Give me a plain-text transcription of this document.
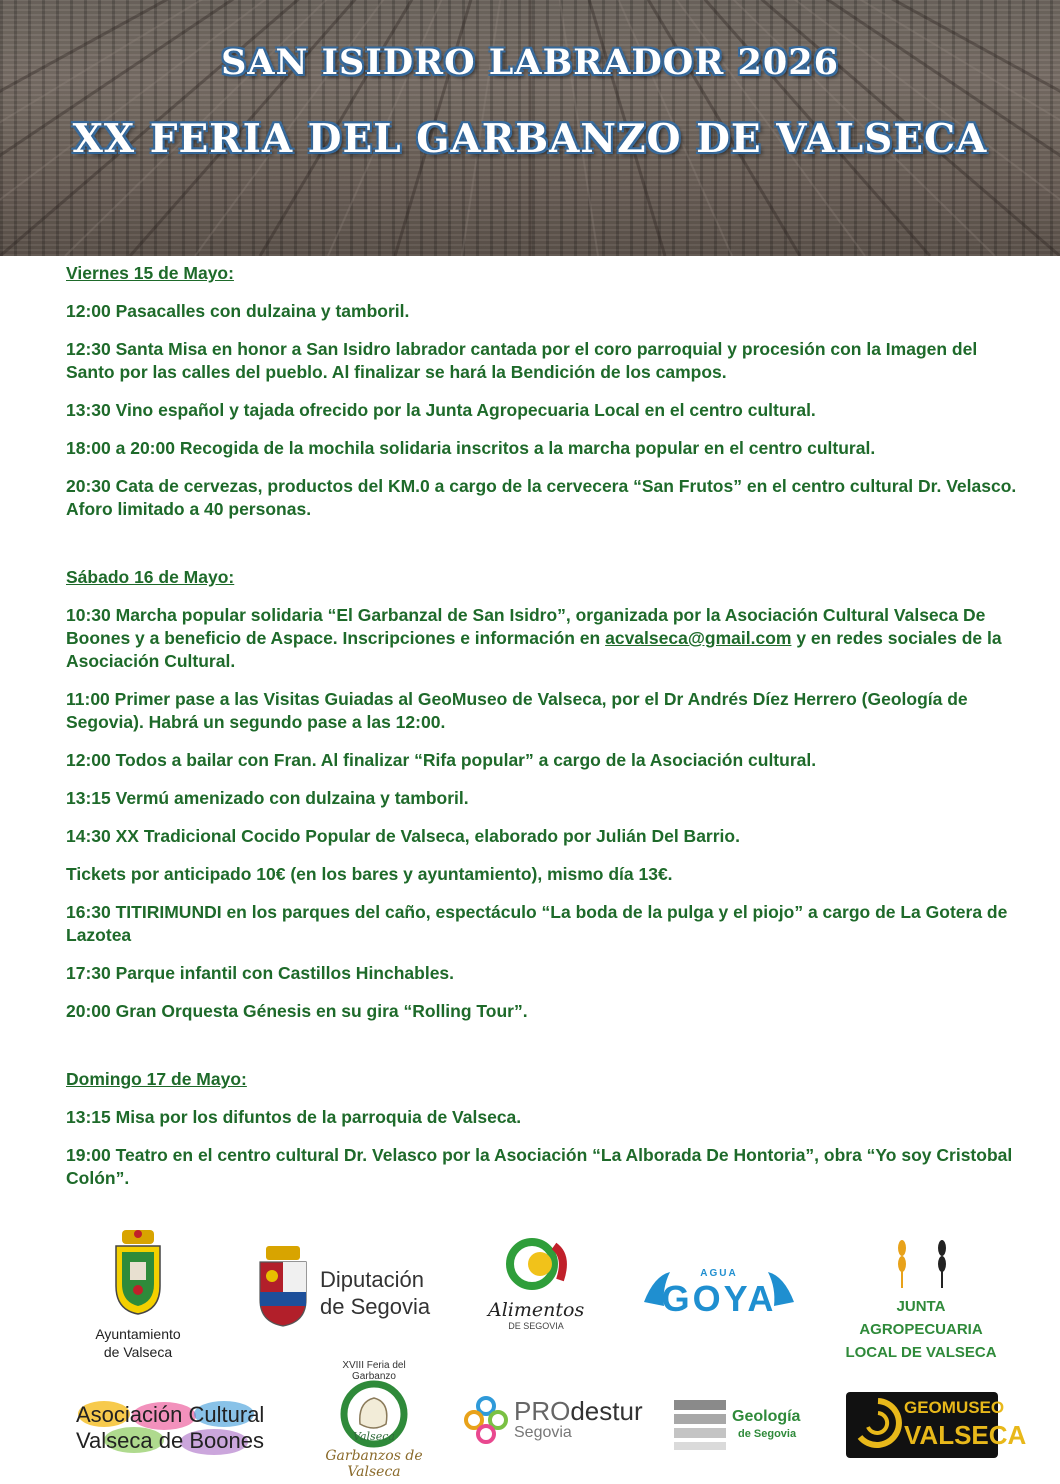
SAN ISIDRO LABRADOR 2026
XX FERIA DEL GARBANZO DE VALSECA
Viernes 15 de Mayo:
12:00 Pasacalles con dulzaina y tamboril.
12:30 Santa Misa en honor a San Isidro labrador cantada por el coro parroquial y procesión con la Imagen del Santo por las calles del pueblo. Al finalizar se hará la Bendición de los campos.
13:30 Vino español y tajada ofrecido por la Junta Agropecuaria Local en el centro cultural.
18:00 a 20:00 Recogida de la mochila solidaria inscritos a la marcha popular en el centro cultural.
20:30 Cata de cervezas, productos del KM.0 a cargo de la cervecera “San Frutos” en el centro cultural Dr. Velasco. Aforo limitado a 40 personas.
Sábado 16 de Mayo:
10:30 Marcha popular solidaria “El Garbanzal de San Isidro”, organizada por la Asociación Cultural Valseca De Boones y a beneficio de Aspace. Inscripciones e información en acvalseca@gmail.com y en redes sociales de la Asociación Cultural.
11:00 Primer pase a las Visitas Guiadas al GeoMuseo de Valseca, por el Dr Andrés Díez Herrero (Geología de Segovia). Habrá un segundo pase a las 12:00.
12:00 Todos a bailar con Fran. Al finalizar “Rifa popular” a cargo de la Asociación cultural.
13:15 Vermú amenizado con dulzaina y tamboril.
14:30 XX Tradicional Cocido Popular de Valseca, elaborado por Julián Del Barrio.
Tickets por anticipado 10€ (en los bares y ayuntamiento), mismo día 13€.
16:30 TITIRIMUNDI en los parques del caño, espectáculo “La boda de la pulga y el piojo” a cargo de La Gotera de Lazotea
17:30 Parque infantil con Castillos Hinchables.
20:00 Gran Orquesta Génesis en su gira “Rolling Tour”.
Domingo 17 de Mayo:
13:15 Misa por los difuntos de la parroquia de Valseca.
19:00 Teatro en el centro cultural Dr. Velasco por la Asociación “La Alborada De Hontoria”, obra “Yo soy Cristobal Colón”.
Ayuntamiento
de Valseca
Diputación
de Segovia	Alimentos
DE SEGOVIA
AGUA
GOYA	JUNTA AGROPECUARIA
LOCAL DE VALSECA
Asociación Cultural
Valseca de Boones
XVIII Feria del Garbanzo
Valseca
Garbanzos de Valseca
PROdestur
Segovia
Geología
de Segovia
GEOMUSEO
VALSECA
